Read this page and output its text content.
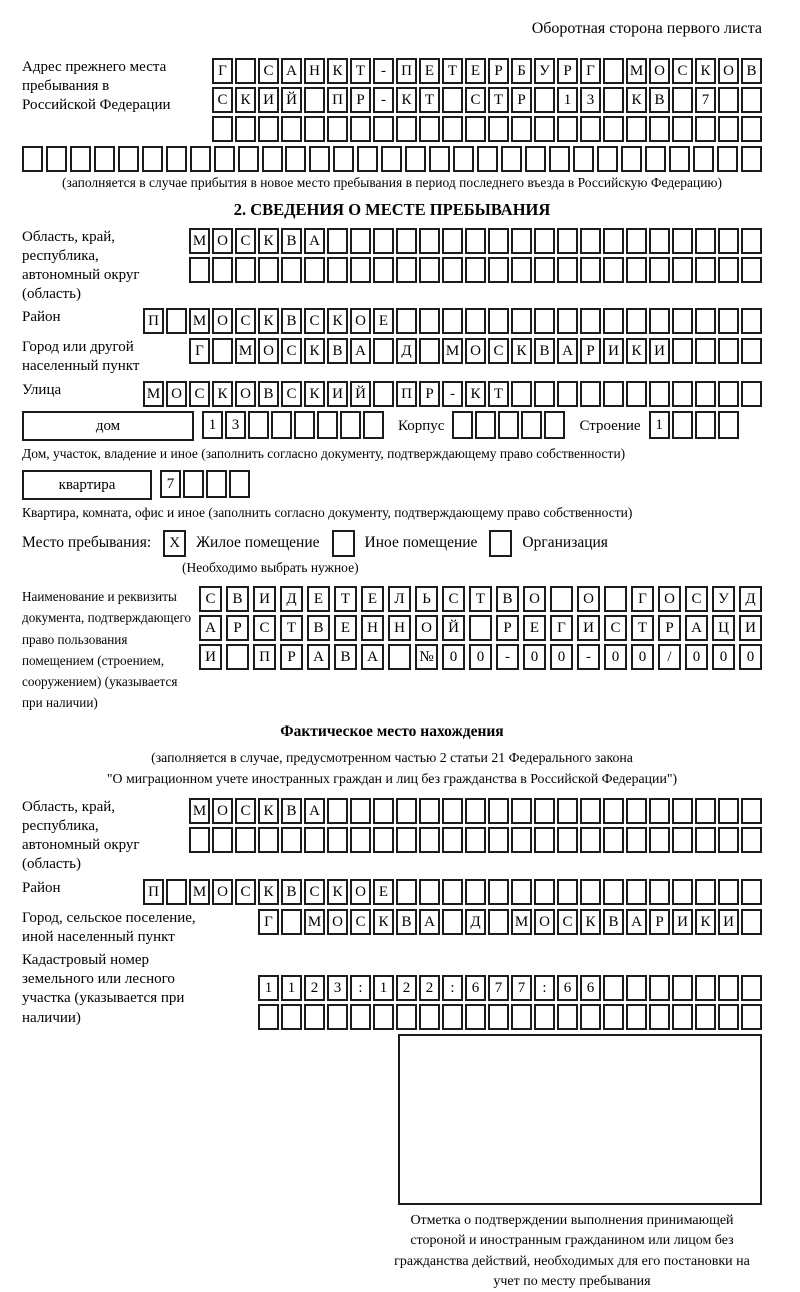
Оборотная сторона первого листа
Адрес прежнего места пребывания в Российской Федерации
Г	С А Н К Т	-	П Е Т Е Р Б У Р Г	М О С К О В
С К И Й	П Р	-	К Т	С Т Р	1	3	К В	7
(заполняется в случае прибытия в новое место пребывания в период последнего въезда в Российскую Федерацию)
2. СВЕДЕНИЯ О МЕСТЕ ПРЕБЫВАНИЯ
Область, край, республика, автономный округ (область)
М О С К В А
Район	П	М О С К В С К О Е
Город или другой населенный пункт
Г	М О С К В А	Д	М О С К В А Р И К И
Улица	М О С К О В С К И Й	П Р	-	К Т
дом	1	3	Корпус	Строение 1
Дом, участок, владение и иное (заполнить согласно документу, подтверждающему право собственности)
квартира	7
Квартира, комната, офис и иное (заполнить согласно документу, подтверждающему право собственности)
Место пребывания:	X	Жилое помещение	Иное помещение	Организация
(Необходимо выбрать нужное)
Наименование и реквизиты документа, подтверждающего право пользования помещением (строением, сооружением) (указывается при наличии)
С	В	И	Д	Е	Т	Е	Л	Ь	С	Т	В	О	О	Г	О	С	У	Д
А	Р	С	Т	В	Е	Н	Н	О	Й	Р	Е	Г	И	С	Т	Р	А	Ц	И
И	П	Р	А	В	А	№	0	0	-	0	0	-	0	0	/	0	0	0
Фактическое место нахождения
(заполняется в случае, предусмотренном частью 2 статьи 21 Федерального закона
"О миграционном учете иностранных граждан и лиц без гражданства в Российской Федерации")
Область, край, республика, автономный округ (область)
М О С К В А
Район	П	М О С К В С К О Е
Город, сельское поселение, иной населенный пункт
Г	М О С К В А	Д	М О С К В А Р И К И
Кадастровый номер земельного или лесного участка (указывается при наличии)
1	1	2	3	:	1	2	2	:	6	7	7	:	6	6
Отметка о подтверждении выполнения принимающей стороной и иностранным гражданином или лицом без гражданства действий, необходимых для его постановки на учет по месту пребывания
